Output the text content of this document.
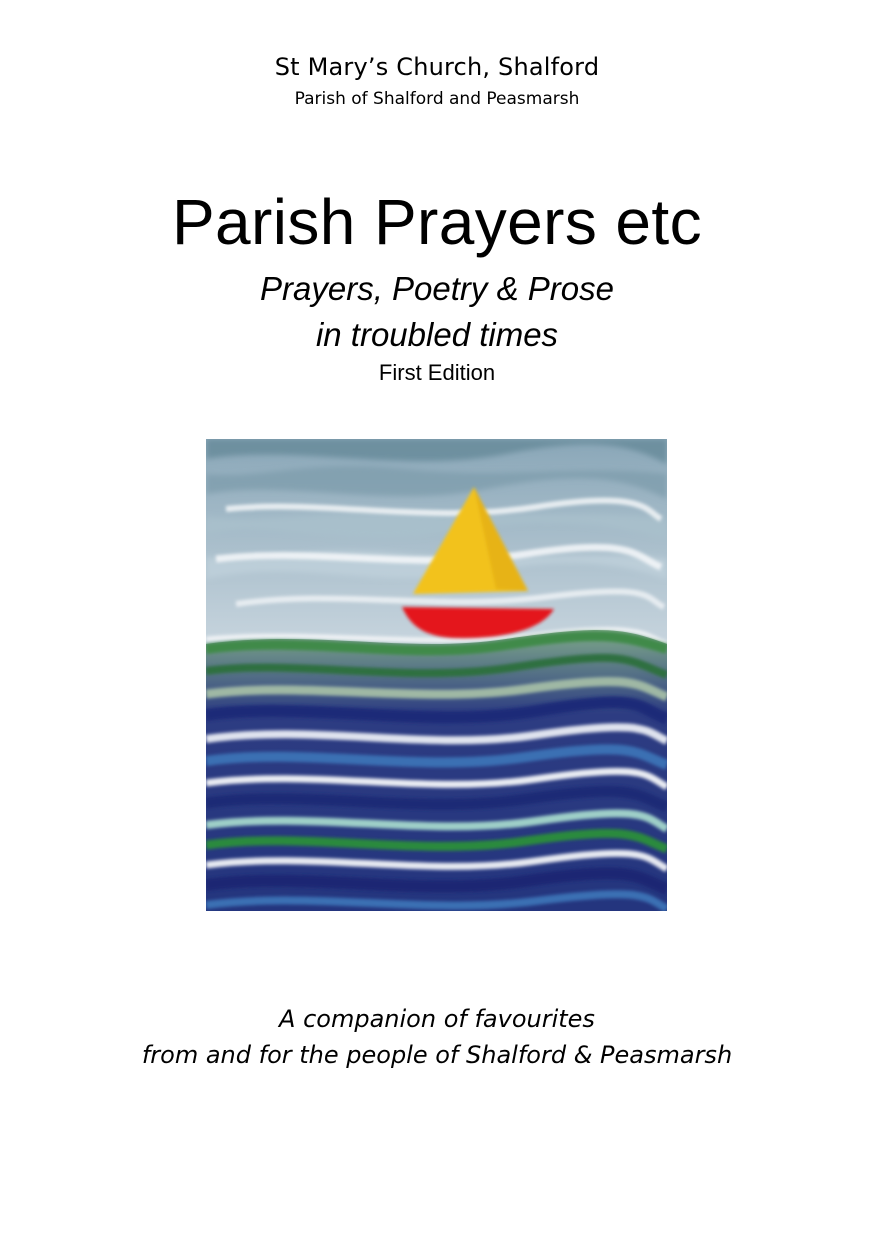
St Mary’s Church, Shalford
Parish of Shalford and Peasmarsh
Parish Prayers etc
Prayers, Poetry & Prose
in troubled times
First Edition
A companion of favourites
from and for the people of Shalford & Peasmarsh
